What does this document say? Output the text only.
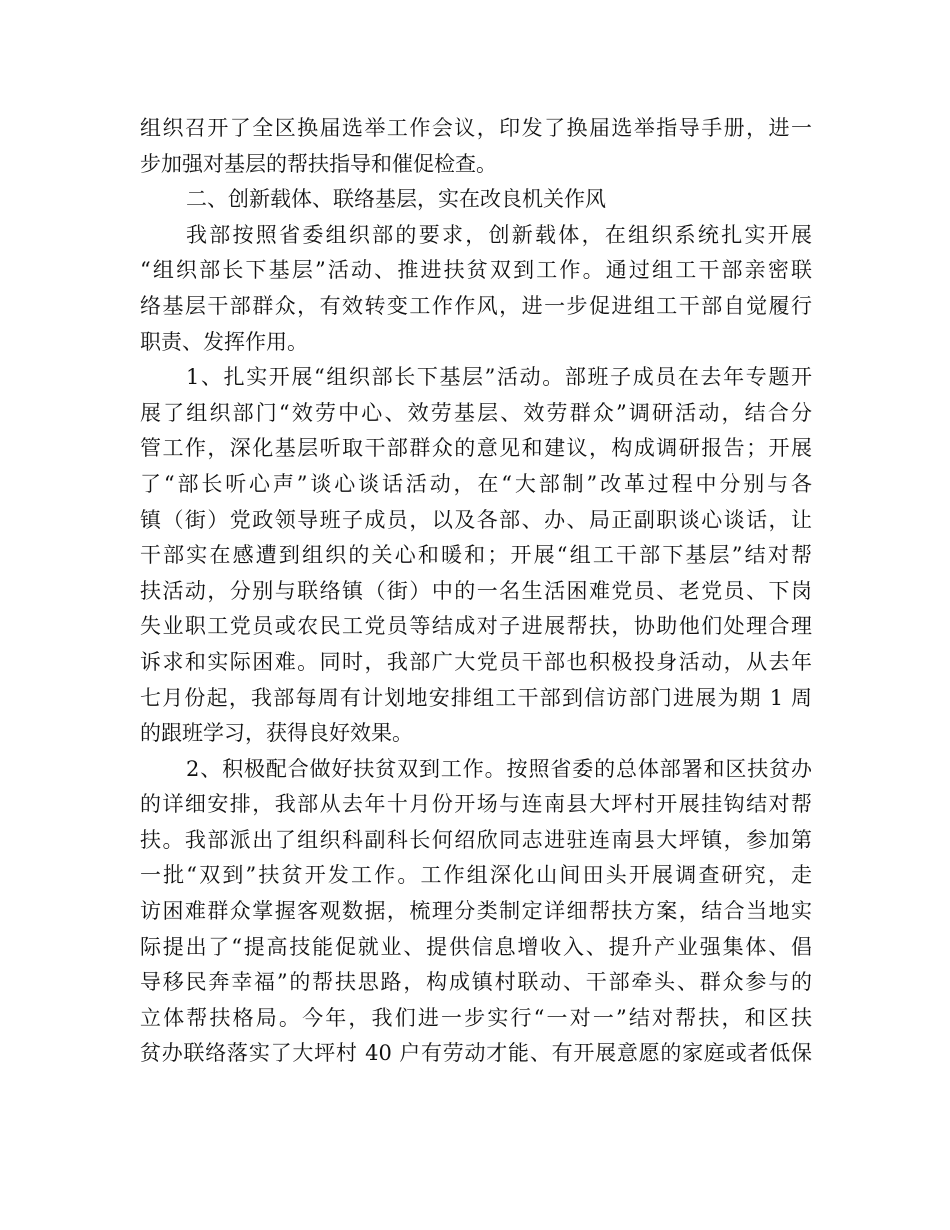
组织召开了全区换届选举工作会议，印发了换届选举指导手册，进一
步加强对基层的帮扶指导和催促检查。
二、创新载体、联络基层，实在改良机关作风
我部按照省委组织部的要求，创新载体，在组织系统扎实开展
“组织部长下基层”活动、推进扶贫双到工作。通过组工干部亲密联
络基层干部群众，有效转变工作作风，进一步促进组工干部自觉履行
职责、发挥作用。
1、扎实开展“组织部长下基层”活动。部班子成员在去年专题开
展了组织部门“效劳中心、效劳基层、效劳群众”调研活动，结合分
管工作，深化基层听取干部群众的意见和建议，构成调研报告；开展
了“部长听心声”谈心谈话活动，在“大部制”改革过程中分别与各
镇（街）党政领导班子成员，以及各部、办、局正副职谈心谈话，让
干部实在感遭到组织的关心和暖和；开展“组工干部下基层”结对帮
扶活动，分别与联络镇（街）中的一名生活困难党员、老党员、下岗
失业职工党员或农民工党员等结成对子进展帮扶，协助他们处理合理
诉求和实际困难。同时，我部广大党员干部也积极投身活动，从去年
七月份起，我部每周有计划地安排组工干部到信访部门进展为期 1 周
的跟班学习，获得良好效果。
2、积极配合做好扶贫双到工作。按照省委的总体部署和区扶贫办
的详细安排，我部从去年十月份开场与连南县大坪村开展挂钩结对帮
扶。我部派出了组织科副科长何绍欣同志进驻连南县大坪镇，参加第
一批“双到”扶贫开发工作。工作组深化山间田头开展调查研究，走
访困难群众掌握客观数据，梳理分类制定详细帮扶方案，结合当地实
际提出了“提高技能促就业、提供信息增收入、提升产业强集体、倡
导移民奔幸福”的帮扶思路，构成镇村联动、干部牵头、群众参与的
立体帮扶格局。今年，我们进一步实行“一对一”结对帮扶，和区扶
贫办联络落实了大坪村 40 户有劳动才能、有开展意愿的家庭或者低保
